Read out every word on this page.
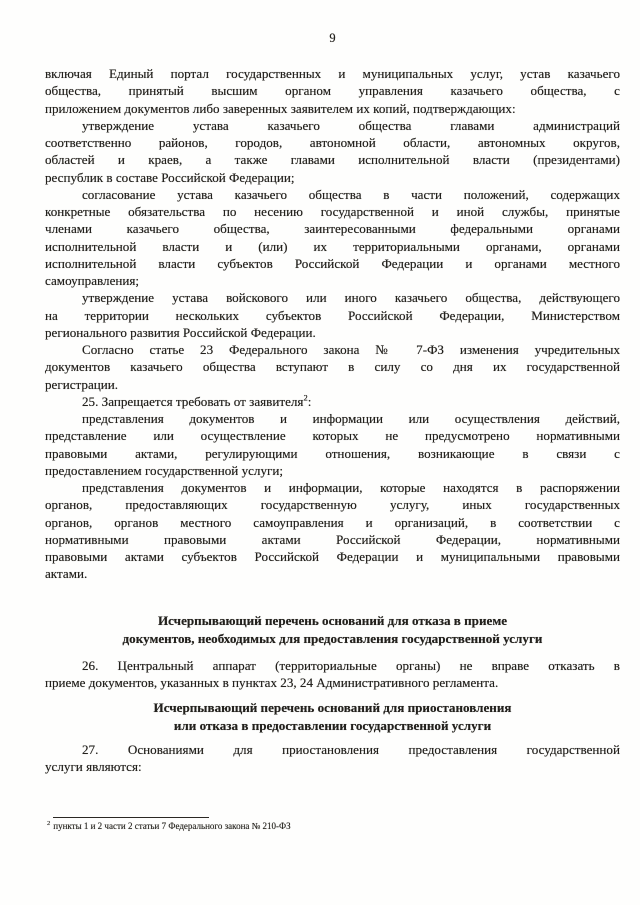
9
включая Единый портал государственных и муниципальных услуг, устав казачьего
общества, принятый высшим органом управления казачьего общества, с
приложением документов либо заверенных заявителем их копий, подтверждающих:
утверждение устава казачьего общества главами администраций
соответственно районов, городов, автономной области, автономных округов,
областей и краев, а также главами исполнительной власти (президентами)
республик в составе Российской Федерации;
согласование устава казачьего общества в части положений, содержащих
конкретные обязательства по несению государственной и иной службы, принятые
членами казачьего общества, заинтересованными федеральными органами
исполнительной власти и (или) их территориальными органами, органами
исполнительной власти субъектов Российской Федерации и органами местного
самоуправления;
утверждение устава войскового или иного казачьего общества, действующего
на территории нескольких субъектов Российской Федерации, Министерством
регионального развития Российской Федерации.
Согласно статье 23 Федерального закона № 7-ФЗ изменения учредительных
документов казачьего общества вступают в силу со дня их государственной
регистрации.
25. Запрещается требовать от заявителя$^2$:
представления документов и информации или осуществления действий,
представление или осуществление которых не предусмотрено нормативными
правовыми актами, регулирующими отношения, возникающие в связи с
предоставлением государственной услуги;
представления документов и информации, которые находятся в распоряжении
органов, предоставляющих государственную услугу, иных государственных
органов, органов местного самоуправления и организаций, в соответствии с
нормативными правовыми актами Российской Федерации, нормативными
правовыми актами субъектов Российской Федерации и муниципальными правовыми
актами.
Исчерпывающий перечень оснований для отказа в приеме
документов, необходимых для предоставления государственной услуги
26. Центральный аппарат (территориальные органы) не вправе отказать в
приеме документов, указанных в пунктах 23, 24 Административного регламента.
Исчерпывающий перечень оснований для приостановления
или отказа в предоставлении государственной услуги
27. Основаниями для приостановления предоставления государственной
услуги являются:
$^2$ пункты 1 и 2 части 2 статьи 7 Федерального закона № 210-ФЗ
